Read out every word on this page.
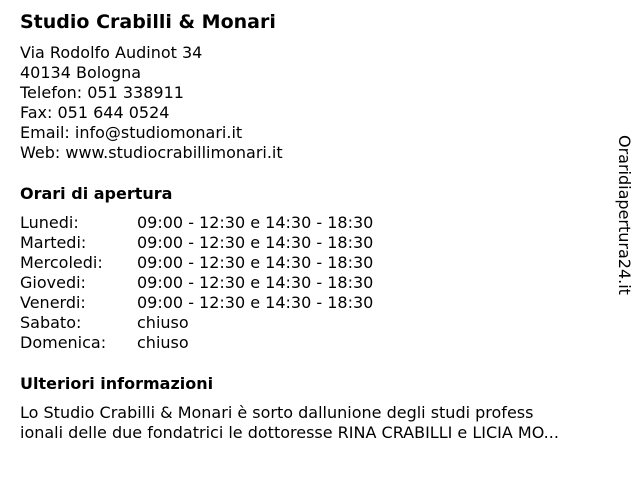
Studio Crabilli & Monari
Via Rodolfo Audinot 34
40134 Bologna
Telefon: 051 338911
Fax: 051 644 0524
Email: info@studiomonari.it
Web: www.studiocrabillimonari.it
Orari di apertura
Lunedi:	09:00 - 12:30 e 14:30 - 18:30
Martedi:	09:00 - 12:30 e 14:30 - 18:30
Mercoledi: 09:00 - 12:30 e 14:30 - 18:30
Giovedi:	09:00 - 12:30 e 14:30 - 18:30
Venerdi:	09:00 - 12:30 e 14:30 - 18:30
Sabato:	chiuso
Domenica: chiuso
Ulteriori informazioni
Lo Studio Crabilli & Monari è sorto dallunione degli studi profess
ionali delle due fondatrici le dottoresse RINA CRABILLI e LICIA MO...
Oraridiapertura24.it
